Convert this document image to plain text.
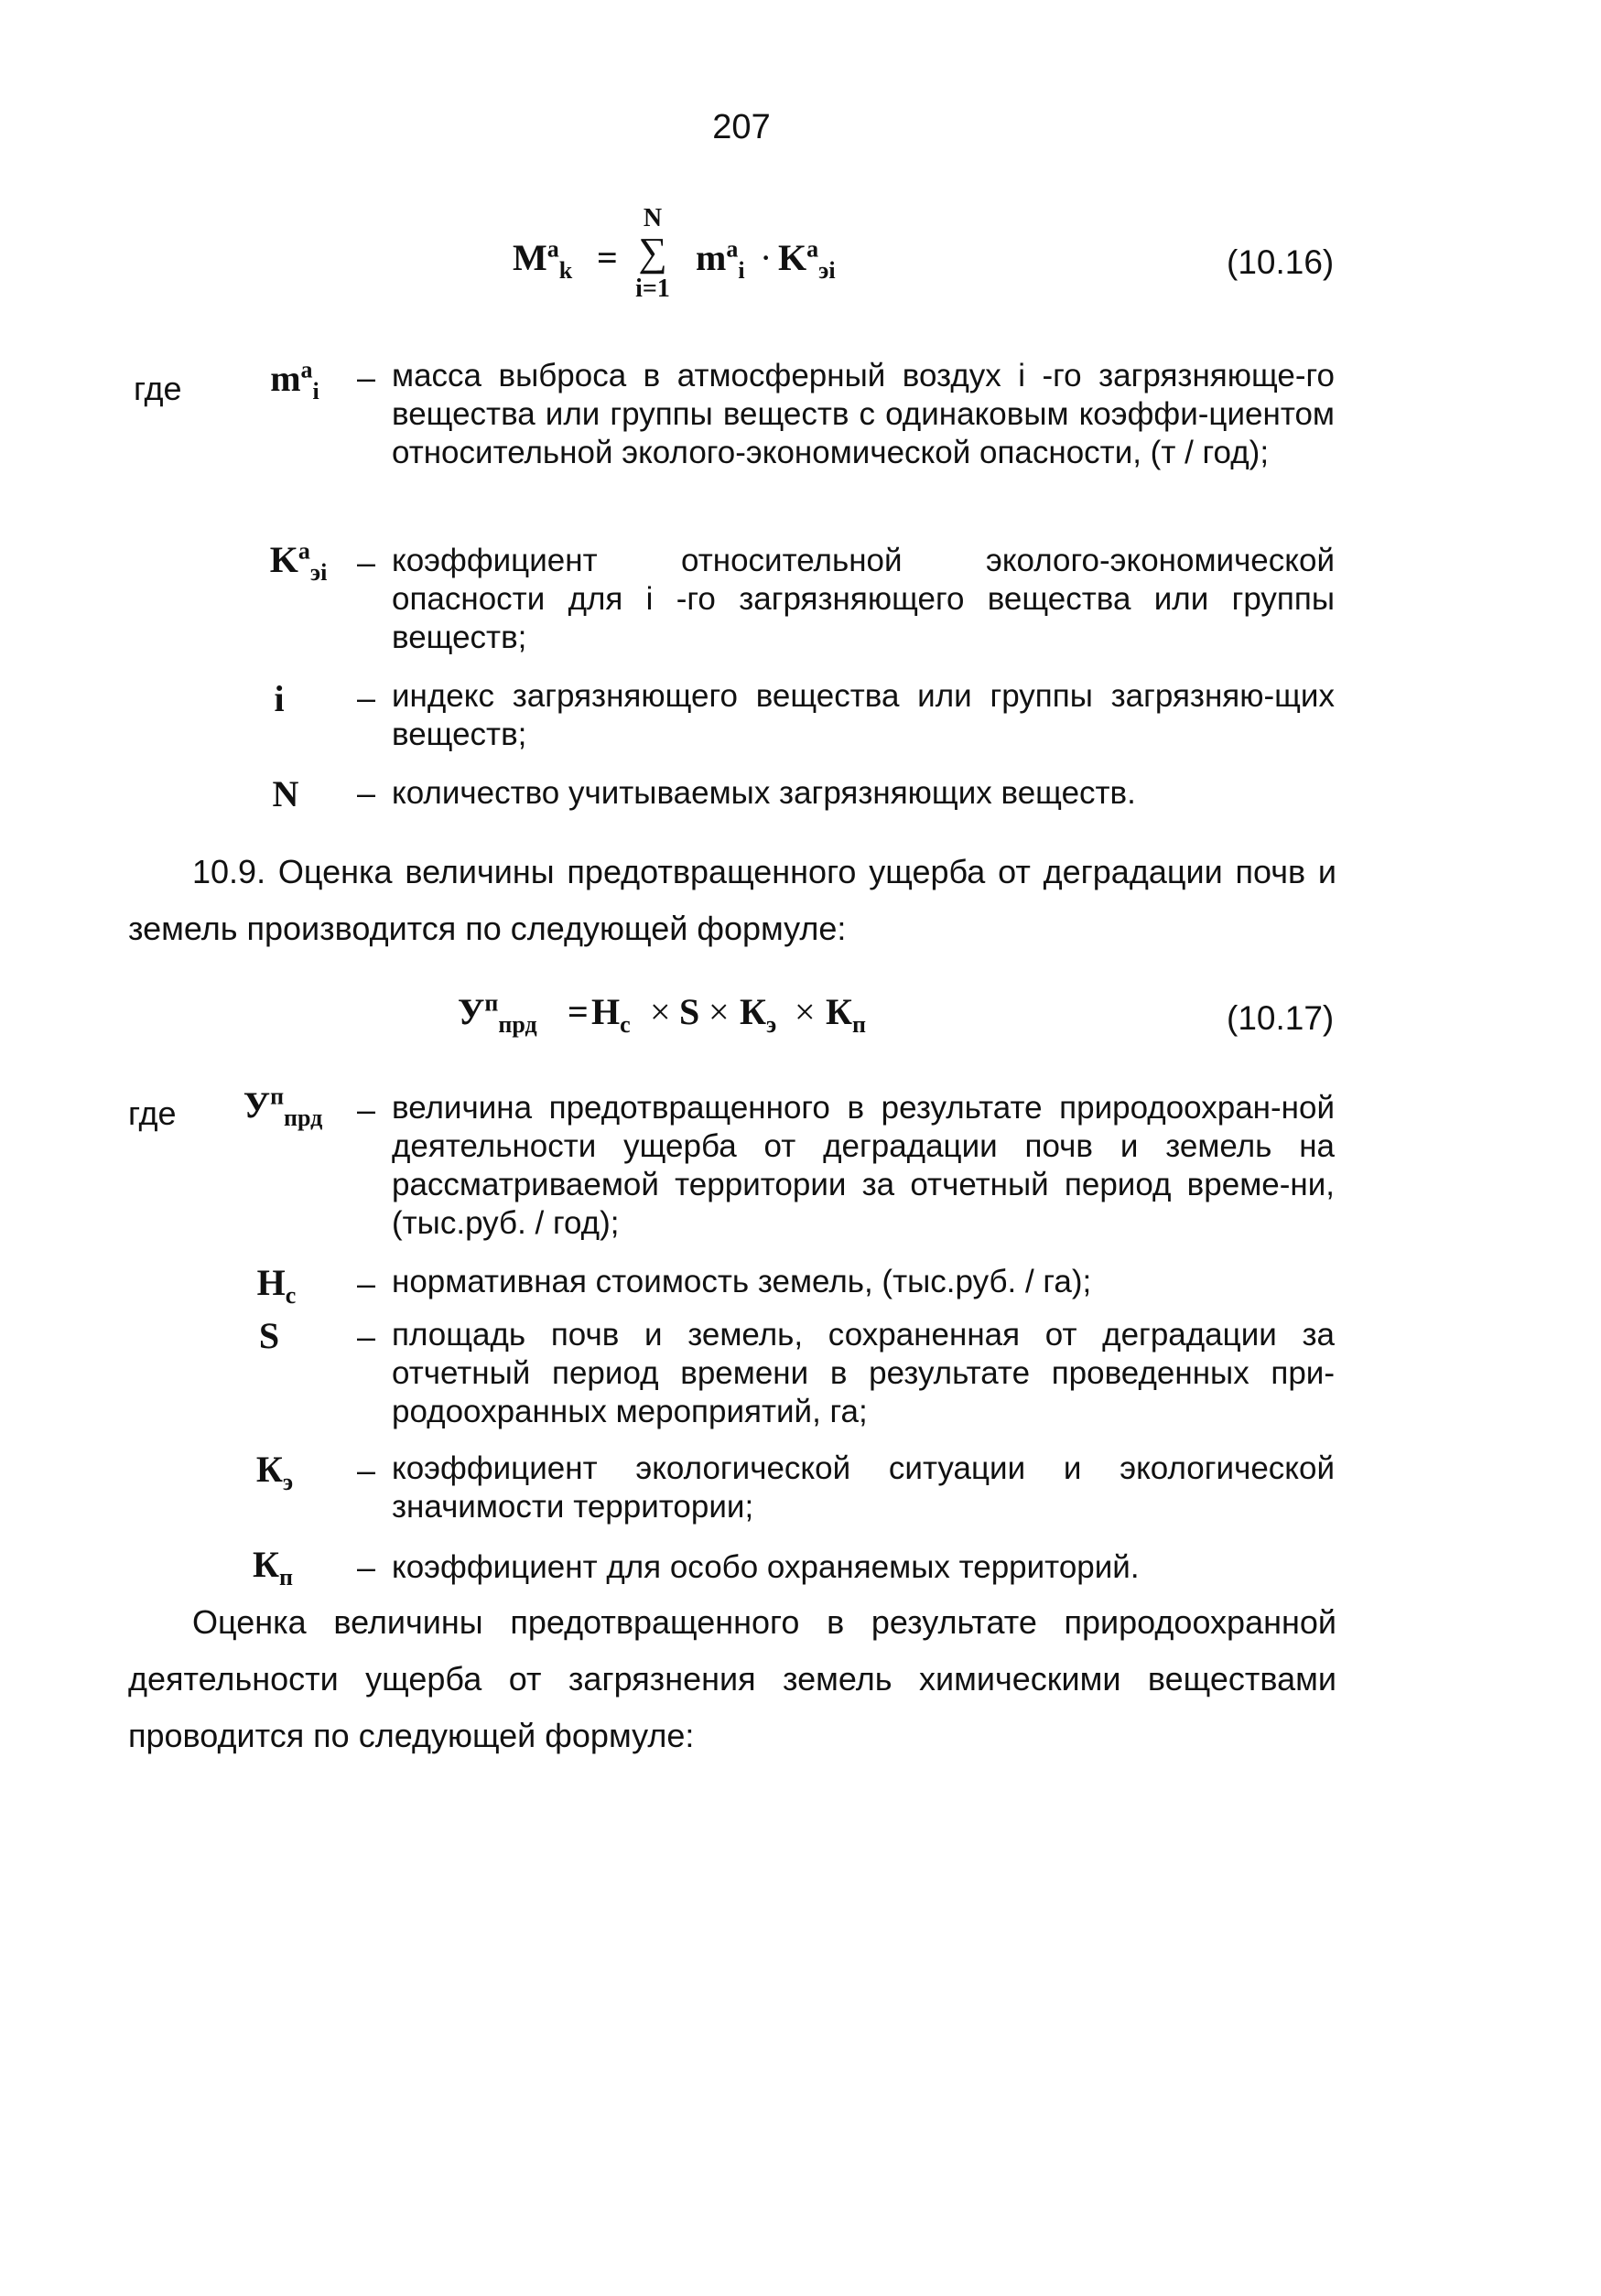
207
$M^a_k$ =
N
∑
i=1
$m^a_i \cdot K^a_{эi}$	(10.16)
где $m^a_i$ – масса выброса в атмосферный воздух i -го загрязняюще-го вещества или группы веществ с одинаковым коэффи-циентом относительной эколого-экономической опасности, (т / год);
$K^a_{эi}$ – коэффициент относительной эколого-экономической опасности для i -го загрязняющего вещества или группы веществ;
i – индекс загрязняющего вещества или группы загрязняю-щих веществ;
N – количество учитываемых загрязняющих веществ.
10.9. Оценка величины предотвращенного ущерба от деградации почв и земель производится по следующей формуле:
$У^п_{прд} = Н_с \times S \times К_э \times К_п$	(10.17)
где $У^п_{прд}$	– величина предотвращенного в результате природоохран-ной деятельности ущерба от деградации почв и земель на рассматриваемой территории за отчетный период време-ни, (тыс.руб. / год);
$Н_с$ – нормативная стоимость земель, (тыс.руб. / га);
S – площадь почв и земель, сохраненная от деградации за отчетный период времени в результате проведенных при-родоохранных мероприятий, га;
$К_э$ – коэффициент экологической ситуации и экологической значимости территории;
$К_п$ – коэффициент для особо охраняемых территорий.
Оценка величины предотвращенного в результате природоохранной деятельности ущерба от загрязнения земель химическими веществами проводится по следующей формуле:
